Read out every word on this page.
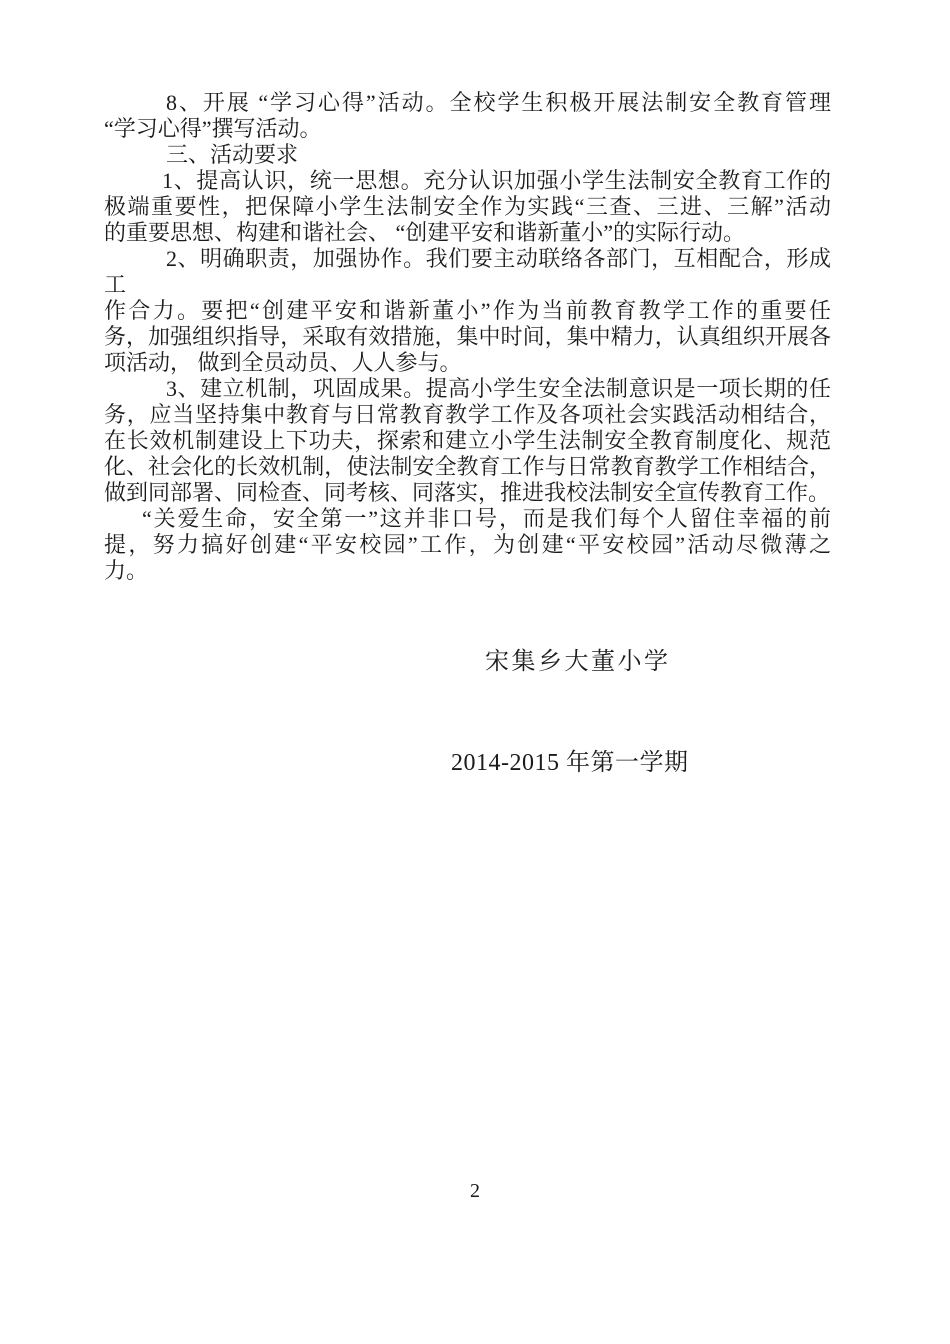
8、开展 “学习心得”活动。全校学生积极开展法制安全教育管理
“学习心得”撰写活动。
三、活动要求
1、提高认识，统一思想。充分认识加强小学生法制安全教育工作的
极端重要性，把保障小学生法制安全作为实践“三查、三进、三解”活动
的重要思想、构建和谐社会、 “创建平安和谐新董小”的实际行动。
2、明确职责，加强协作。我们要主动联络各部门，互相配合，形成工
作合力。要把“创建平安和谐新董小”作为当前教育教学工作的重要任
务，加强组织指导，采取有效措施，集中时间，集中精力，认真组织开展各
项活动， 做到全员动员、人人参与。
3、建立机制，巩固成果。提高小学生安全法制意识是一项长期的任
务，应当坚持集中教育与日常教育教学工作及各项社会实践活动相结合，
在长效机制建设上下功夫，探索和建立小学生法制安全教育制度化、规范
化、社会化的长效机制，使法制安全教育工作与日常教育教学工作相结合，
做到同部署、同检查、同考核、同落实，推进我校法制安全宣传教育工作。
“关爱生命，安全第一”这并非口号，而是我们每个人留住幸福的前
提，努力搞好创建“平安校园”工作，为创建“平安校园”活动尽微薄之
力。
宋集乡大董小学
2014-2015 年第一学期
2
